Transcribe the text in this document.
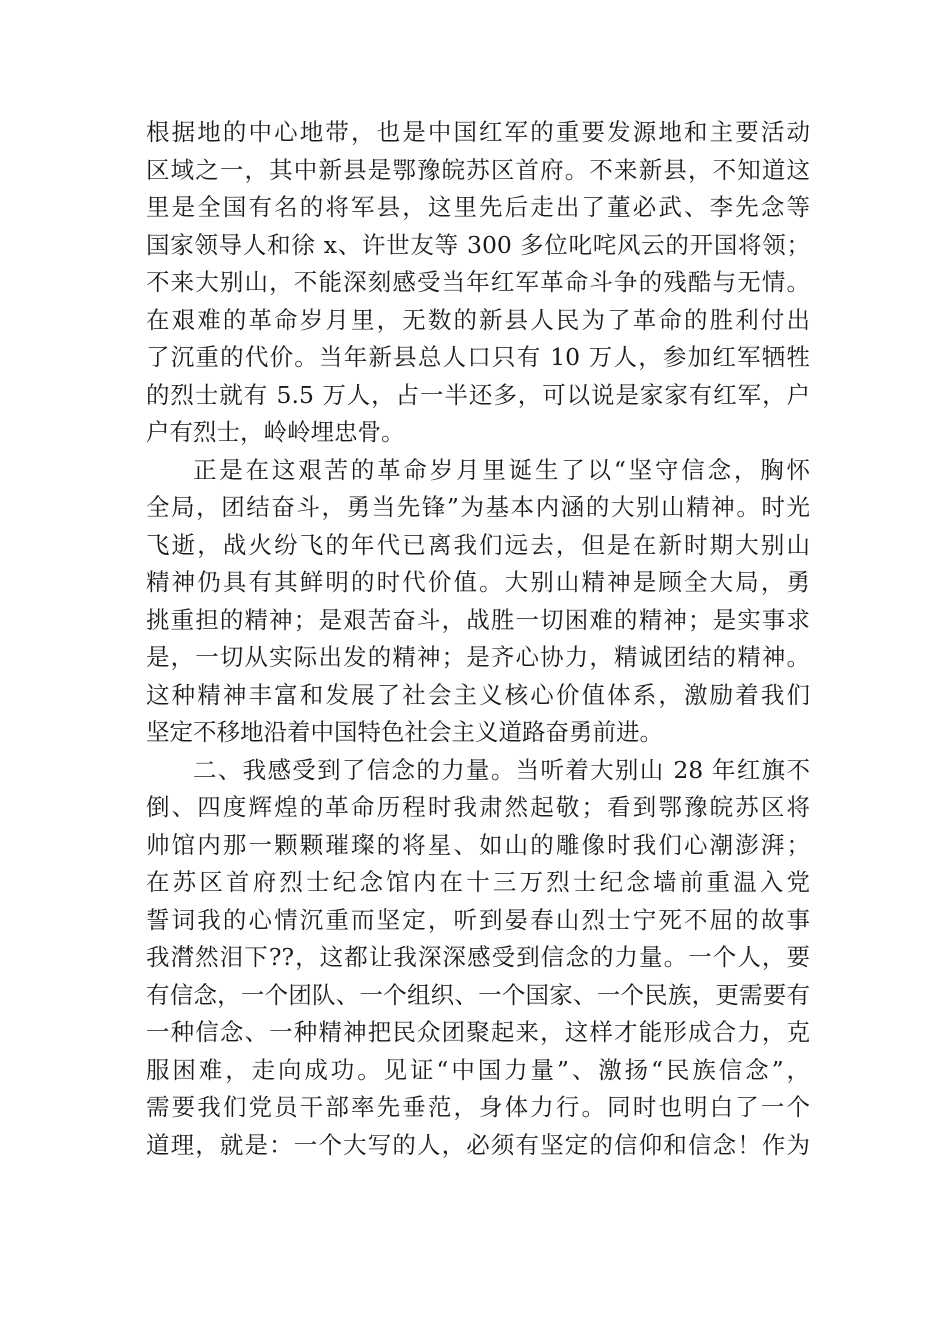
根据地的中心地带，也是中国红军的重要发源地和主要活动
区域之一，其中新县是鄂豫皖苏区首府。不来新县，不知道这
里是全国有名的将军县，这里先后走出了董必武、李先念等
国家领导人和徐 x、许世友等 300 多位叱咤风云的开国将领；
不来大别山，不能深刻感受当年红军革命斗争的残酷与无情。
在艰难的革命岁月里，无数的新县人民为了革命的胜利付出
了沉重的代价。当年新县总人口只有 10 万人，参加红军牺牲
的烈士就有 5.5 万人，占一半还多，可以说是家家有红军，户
户有烈士，岭岭埋忠骨。
正是在这艰苦的革命岁月里诞生了以“坚守信念，胸怀
全局，团结奋斗，勇当先锋”为基本内涵的大别山精神。时光
飞逝，战火纷飞的年代已离我们远去，但是在新时期大别山
精神仍具有其鲜明的时代价值。大别山精神是顾全大局，勇
挑重担的精神；是艰苦奋斗，战胜一切困难的精神；是实事求
是，一切从实际出发的精神；是齐心协力，精诚团结的精神。
这种精神丰富和发展了社会主义核心价值体系，激励着我们
坚定不移地沿着中国特色社会主义道路奋勇前进。
二、我感受到了信念的力量。当听着大别山 28 年红旗不
倒、四度辉煌的革命历程时我肃然起敬；看到鄂豫皖苏区将
帅馆内那一颗颗璀璨的将星、如山的雕像时我们心潮澎湃；
在苏区首府烈士纪念馆内在十三万烈士纪念墙前重温入党
誓词我的心情沉重而坚定，听到晏春山烈士宁死不屈的故事
我潸然泪下??，这都让我深深感受到信念的力量。一个人，要
有信念，一个团队、一个组织、一个国家、一个民族，更需要有
一种信念、一种精神把民众团聚起来，这样才能形成合力，克
服困难，走向成功。见证“中国力量”、激扬“民族信念”，
需要我们党员干部率先垂范，身体力行。同时也明白了一个
道理，就是：一个大写的人，必须有坚定的信仰和信念！作为
